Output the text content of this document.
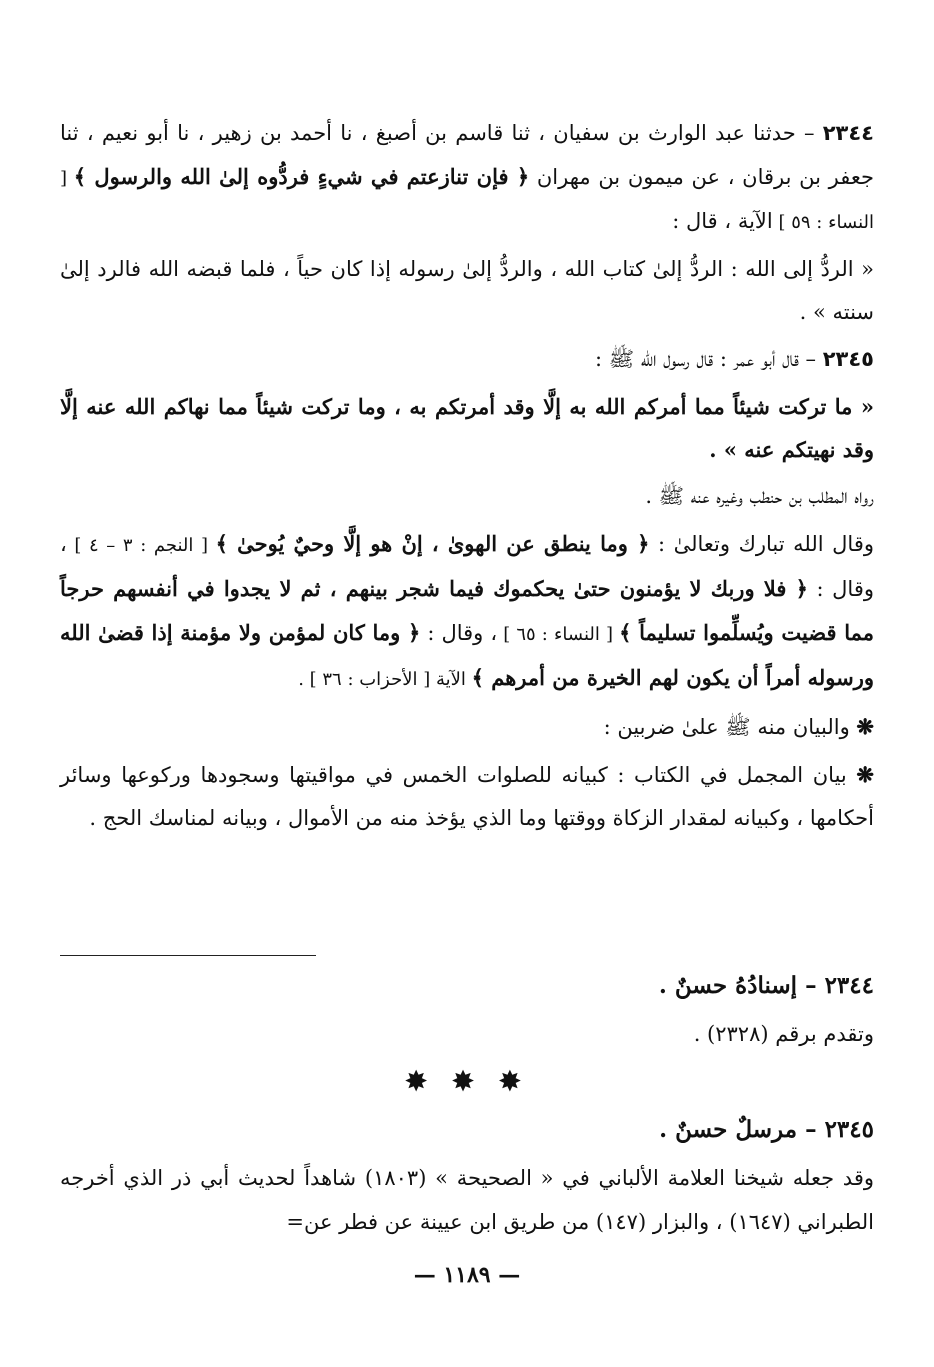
٢٣٤٤ – حدثنا عبد الوارث بن سفيان ، ثنا قاسم بن أصبغ ، نا أحمد بن زهير ، نا أبو نعيم ، ثنا جعفر بن برقان ، عن ميمون بن مهران ﴿ فإن تنازعتم في شيءٍ فردُّوه إلىٰ الله والرسول ﴾ [ النساء : ٥٩ ] الآية ، قال :

« الردُّ إلى الله : الردُّ إلىٰ كتاب الله ، والردُّ إلىٰ رسوله إذا كان حياً ، فلما قبضه الله فالرد إلىٰ سنته » .

٢٣٤٥ – قال أبو عمر : قال رسول الله ﷺ :

« ما تركت شيئاً مما أمركم الله به إلَّا وقد أمرتكم به ، وما تركت شيئاً مما نهاكم الله عنه إلَّا وقد نهيتكم عنه » .

رواه المطلب بن حنطب وغيره عنه ﷺ .

وقال الله تبارك وتعالىٰ : ﴿ وما ينطق عن الهوىٰ ، إنْ هو إلَّا وحيٌ يُوحىٰ ﴾ [ النجم : ٣ – ٤ ] ، وقال : ﴿ فلا وربك لا يؤمنون حتىٰ يحكموك فيما شجر بينهم ، ثم لا يجدوا في أنفسهم حرجاً مما قضيت ويُسلِّموا تسليماً ﴾ [ النساء : ٦٥ ] ، وقال : ﴿ وما كان لمؤمن ولا مؤمنة إذا قضىٰ الله ورسوله أمراً أن يكون لهم الخيرة من أمرهم ﴾ الآية [ الأحزاب : ٣٦ ] .

❋ والبيان منه ﷺ علىٰ ضربين :

❋ بيان المجمل في الكتاب : كبيانه للصلوات الخمس في مواقيتها وسجودها وركوعها وسائر أحكامها ، وكبيانه لمقدار الزكاة ووقتها وما الذي يؤخذ منه من الأموال ، وبيانه لمناسك الحج .

٢٣٤٤ – إسنادُهُ حسنٌ .

وتقدم برقم (٢٣٢٨) .

✸ ✸ ✸

٢٣٤٥ – مرسلٌ حسنٌ .

وقد جعله شيخنا العلامة الألباني في « الصحيحة » (١٨٠٣) شاهداً لحديث أبي ذر الذي أخرجه الطبراني (١٦٤٧) ، والبزار (١٤٧) من طريق ابن عيينة عن فطر عن=

— ١١٨٩ —
